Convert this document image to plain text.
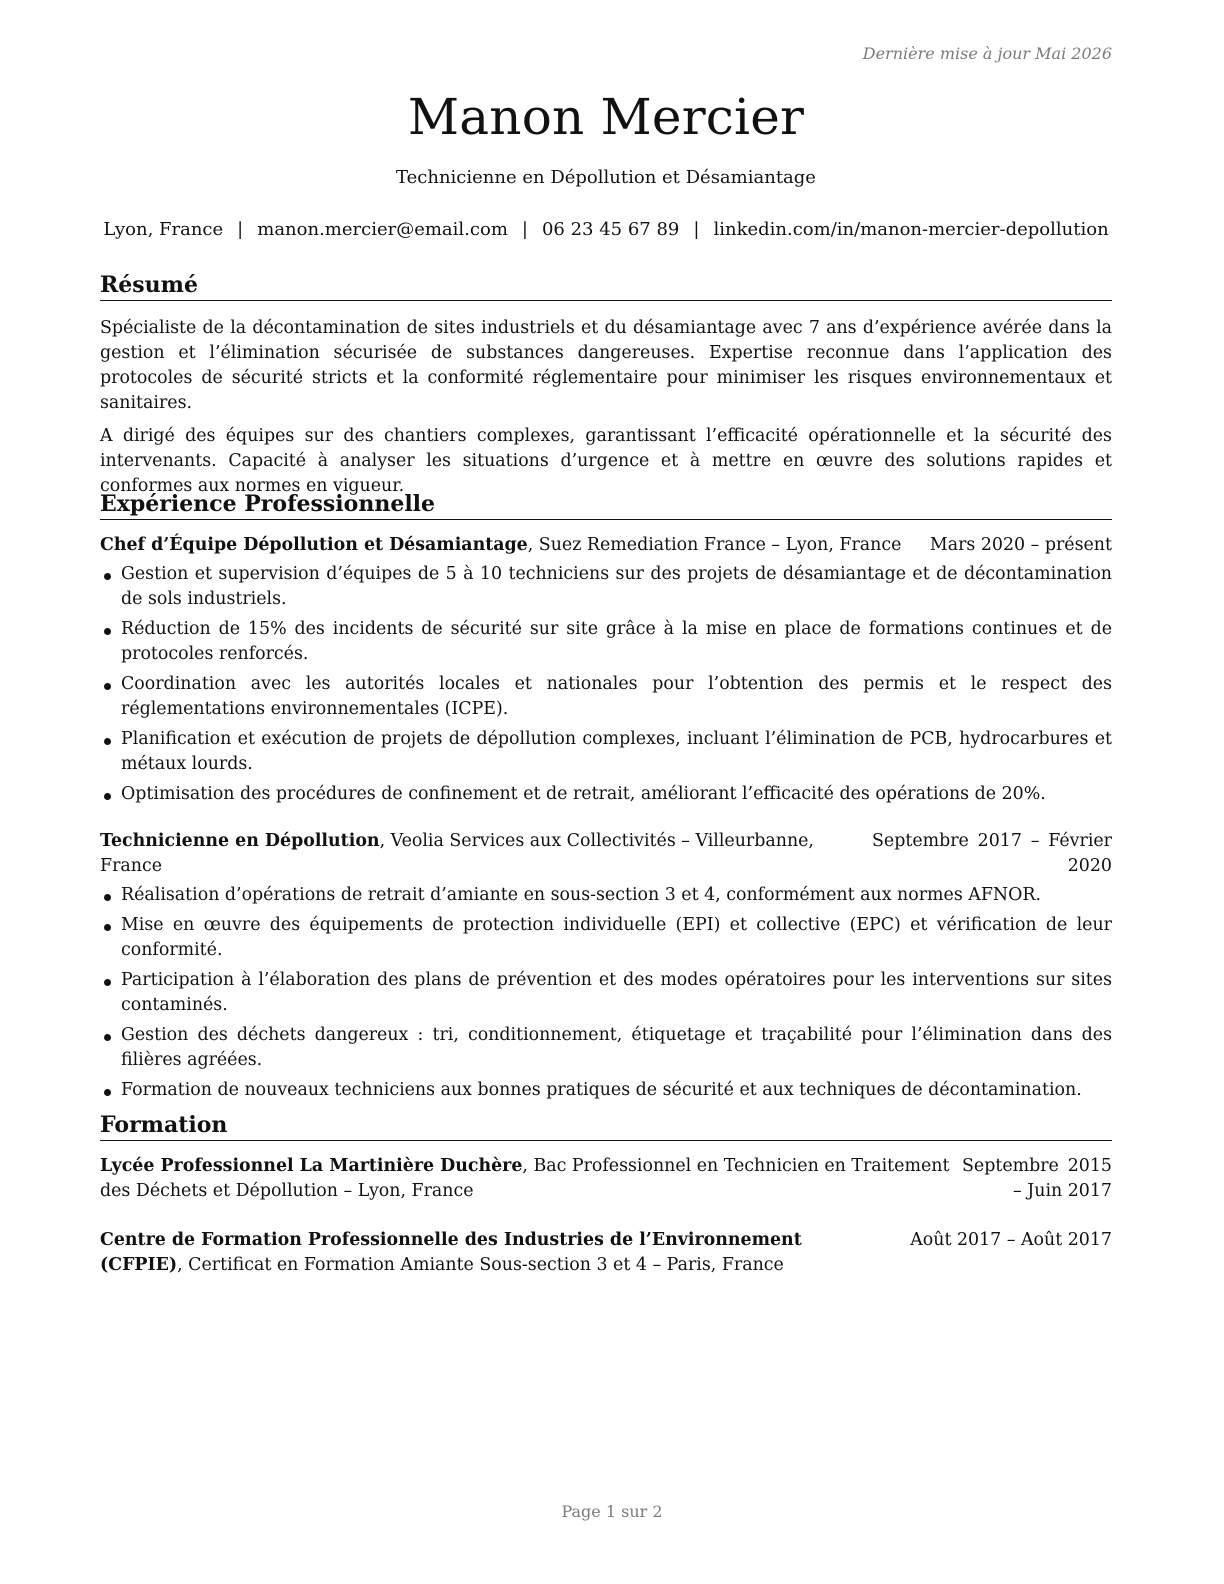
Dernière mise à jour Mai 2026
Manon Mercier
Technicienne en Dépollution et Désamiantage
Lyon, France | manon.mercier@email.com | 06 23 45 67 89 | linkedin.com/in/manon-mercier-depollution
Résumé

Spécialiste de la décontamination de sites industriels et du désamiantage avec 7 ans d’expérience avérée dans la gestion et l’élimination sécurisée de substances dangereuses. Expertise reconnue dans l’application des protocoles de sécurité stricts et la conformité réglementaire pour minimiser les risques environnementaux et sanitaires.

A dirigé des équipes sur des chantiers complexes, garantissant l’efficacité opérationnelle et la sécurité des intervenants. Capacité à analyser les situations d’urgence et à mettre en œuvre des solutions rapides et conformes aux normes en vigueur.

Expérience Professionnelle
Chef d’Équipe Dépollution et Désamiantage, Suez Remediation France – Lyon, France	Mars 2020 – présent
Gestion et supervision d’équipes de 5 à 10 techniciens sur des projets de désamiantage et de décontamination de sols industriels.
Réduction de 15% des incidents de sécurité sur site grâce à la mise en place de formations continues et de protocoles renforcés.
Coordination avec les autorités locales et nationales pour l’obtention des permis et le respect des réglementations environnementales (ICPE).
Planification et exécution de projets de dépollution complexes, incluant l’élimination de PCB, hydrocarbures et métaux lourds.
Optimisation des procédures de confinement et de retrait, améliorant l’efficacité des opérations de 20%.
Technicienne en Dépollution, Veolia Services aux Collectivités – Villeurbanne, France
Septembre 2017 – Février 2020
Réalisation d’opérations de retrait d’amiante en sous-section 3 et 4, conformément aux normes AFNOR.
Mise en œuvre des équipements de protection individuelle (EPI) et collective (EPC) et vérification de leur conformité.
Participation à l’élaboration des plans de prévention et des modes opératoires pour les interventions sur sites contaminés.
Gestion des déchets dangereux : tri, conditionnement, étiquetage et traçabilité pour l’élimination dans des filières agréées.
Formation de nouveaux techniciens aux bonnes pratiques de sécurité et aux techniques de décontamination.
Formation
Lycée Professionnel La Martinière Duchère, Bac Professionnel en Technicien en Traitement des Déchets et Dépollution – Lyon, France
Septembre 2015 – Juin 2017
Centre de Formation Professionnelle des Industries de l’Environnement (CFPIE), Certificat en Formation Amiante Sous-section 3 et 4 – Paris, France
Août 2017 – Août 2017
Page 1 sur 2
